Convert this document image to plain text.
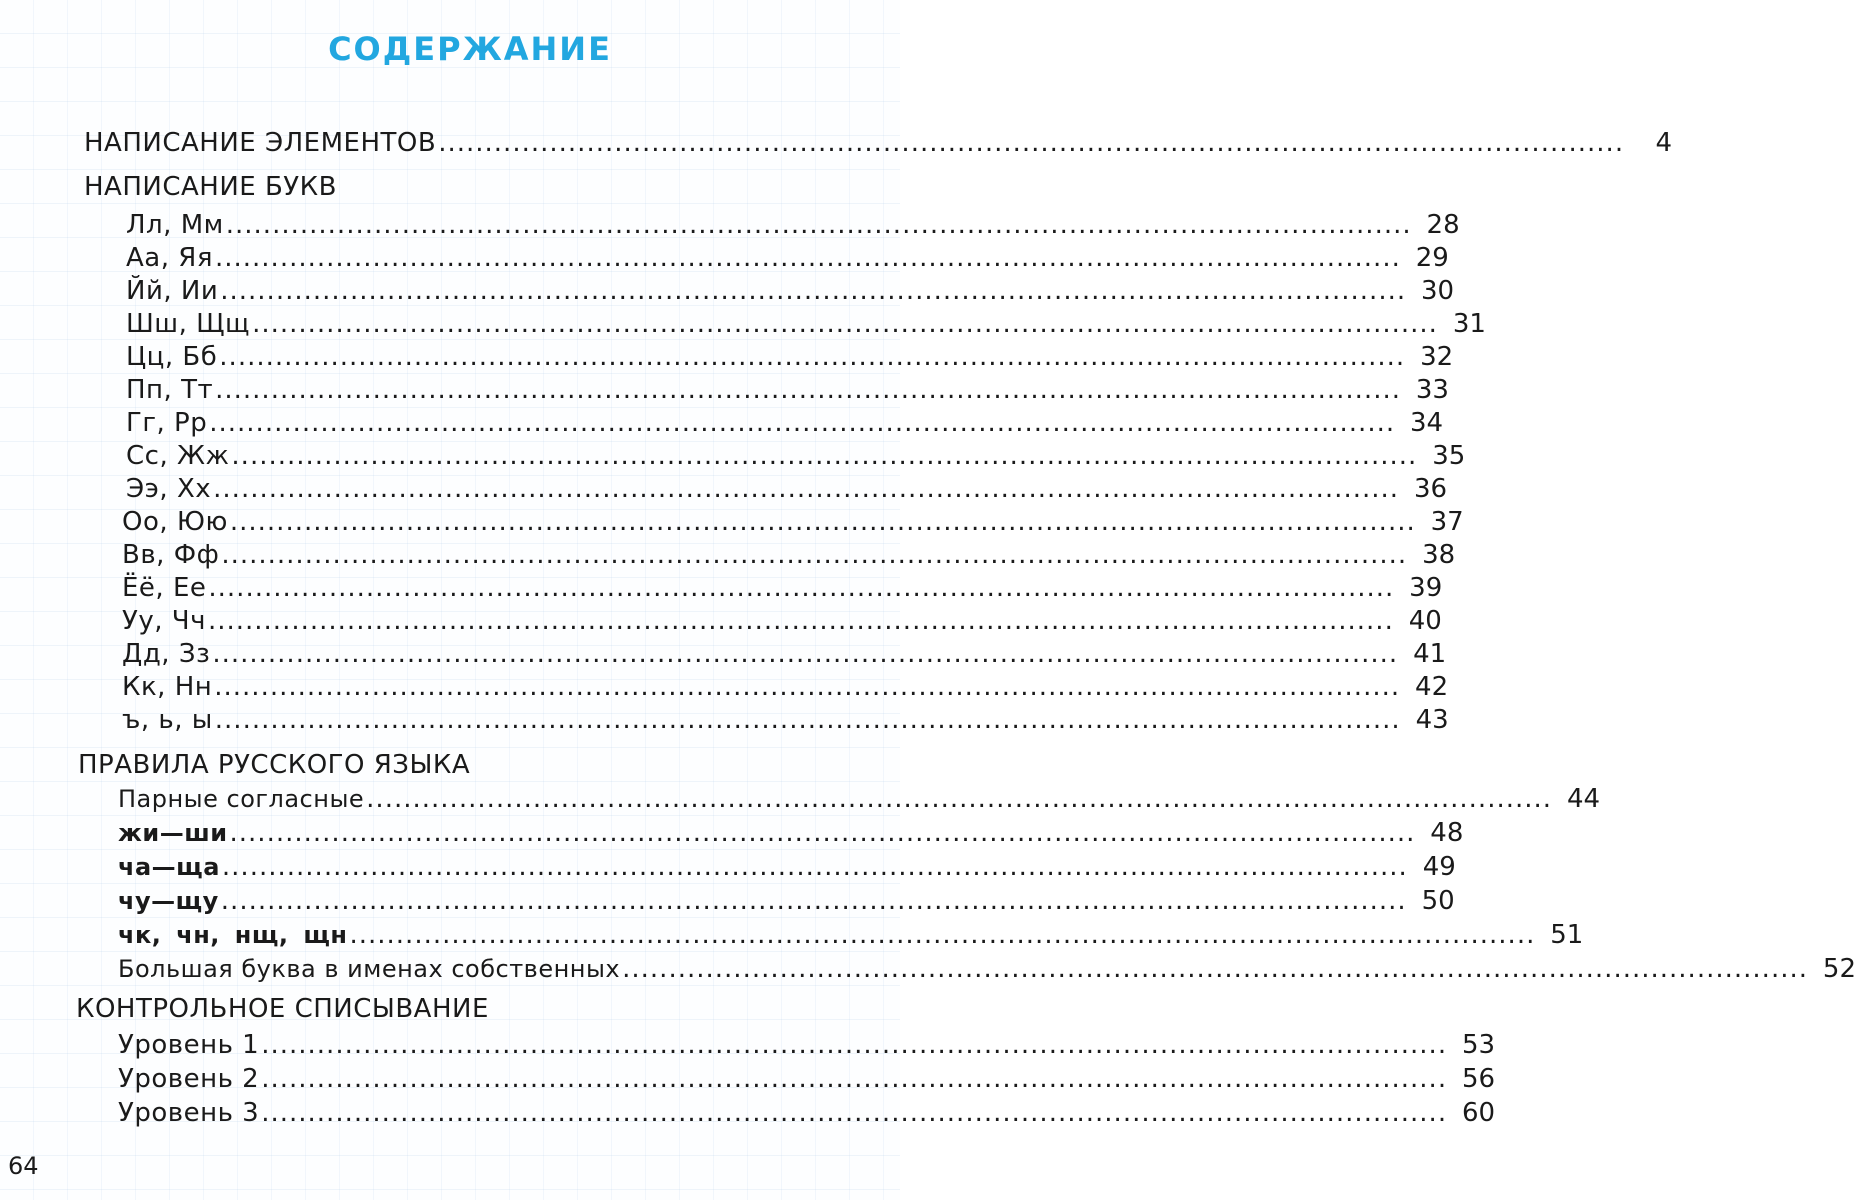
СОДЕРЖАНИЕ
НАПИСАНИЕ ЭЛЕМЕНТОВ ................................................................................................................................	4
НАПИСАНИЕ БУКВ
Лл, Мм ................................................................................................................................ 28
Аа, Яя ................................................................................................................................ 29
Йй, Ии ................................................................................................................................ 30
Шш, Щщ ................................................................................................................................ 31
Цц, Бб ................................................................................................................................ 32
Пп, Тт ................................................................................................................................ 33
Гг, Рр ................................................................................................................................ 34
Сс, Жж ................................................................................................................................ 35
Ээ, Хх ................................................................................................................................ 36
Оо, Юю ................................................................................................................................ 37
Вв, Фф ................................................................................................................................ 38
Ёё, Ее ................................................................................................................................ 39
Уу, Чч ................................................................................................................................ 40
Дд, Зз ................................................................................................................................ 41
Кк, Нн ................................................................................................................................ 42
ъ, ь, ы ................................................................................................................................ 43
ПРАВИЛА РУССКОГО ЯЗЫКА
Парные согласные ................................................................................................................................ 44
жи—ши ................................................................................................................................ 48
ча—ща ................................................................................................................................ 49
чу—щу ................................................................................................................................ 50
чк, чн, нщ, щн ................................................................................................................................ 51
Большая буква в именах собственных ................................................................................................................................ 52
КОНТРОЛЬНОЕ СПИСЫВАНИЕ
Уровень 1 ................................................................................................................................ 53
Уровень 2 ................................................................................................................................ 56
Уровень 3 ................................................................................................................................ 60
64
